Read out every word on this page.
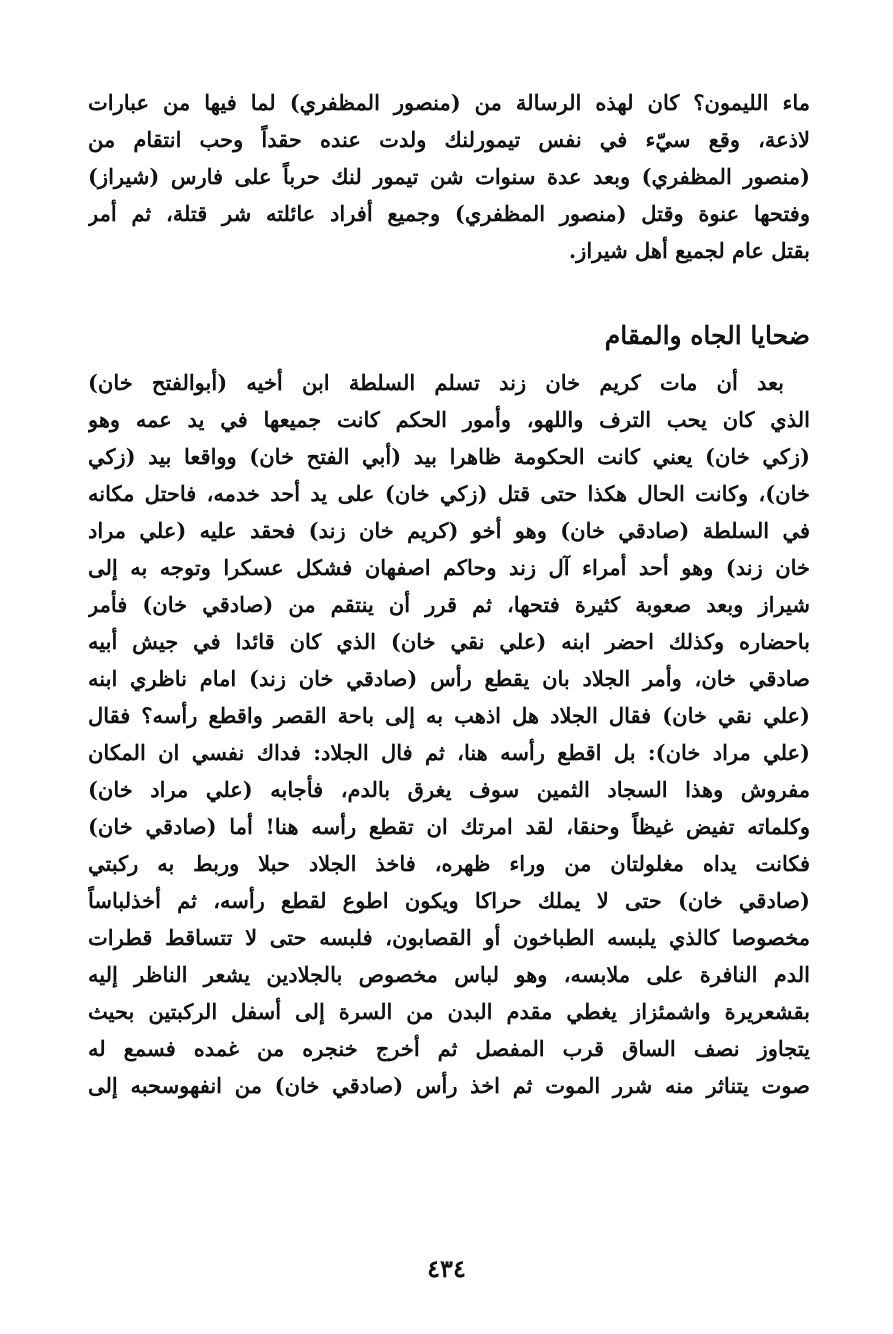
ماء الليمون؟ كان لهذه الرسالة من (منصور المظفري) لما فيها من عبارات
لاذعة، وقع سيّء في نفس تيمورلنك ولدت عنده حقداً وحب انتقام من
(منصور المظفري) وبعد عدة سنوات شن تيمور لنك حرباً على فارس (شيراز)
وفتحها عنوة وقتل (منصور المظفري) وجميع أفراد عائلته شر قتلة، ثم أمر
بقتل عام لجميع أهل شيراز.
ضحايا الجاه والمقام
بعد أن مات كريم خان زند تسلم السلطة ابن أخيه (أبوالفتح خان)
الذي كان يحب الترف واللهو، وأمور الحكم كانت جميعها في يد عمه وهو
(زكي خان) يعني كانت الحكومة ظاهرا بيد (أبي الفتح خان) وواقعا بيد (زكي
خان)، وكانت الحال هكذا حتى قتل (زكي خان) على يد أحد خدمه، فاحتل مكانه
في السلطة (صادقي خان) وهو أخو (كريم خان زند) فحقد عليه (علي مراد
خان زند) وهو أحد أمراء آل زند وحاكم اصفهان فشكل عسكرا وتوجه به إلى
شيراز وبعد صعوبة كثيرة فتحها، ثم قرر أن ينتقم من (صادقي خان) فأمر
باحضاره وكذلك احضر ابنه (علي نقي خان) الذي كان قائدا في جيش أبيه
صادقي خان، وأمر الجلاد بان يقطع رأس (صادقي خان زند) امام ناظري ابنه
(علي نقي خان) فقال الجلاد هل اذهب به إلى باحة القصر واقطع رأسه؟ فقال
(علي مراد خان): بل اقطع رأسه هنا، ثم فال الجلاد: فداك نفسي ان المكان
مفروش وهذا السجاد الثمين سوف يغرق بالدم، فأجابه (علي مراد خان)
وكلماته تفيض غيظاً وحنقا، لقد امرتك ان تقطع رأسه هنا! أما (صادقي خان)
فكانت يداه مغلولتان من وراء ظهره، فاخذ الجلاد حبلا وربط به ركبتي
(صادقي خان) حتى لا يملك حراكا ويكون اطوع لقطع رأسه، ثم أخذلباساً
مخصوصا كالذي يلبسه الطباخون أو القصابون، فلبسه حتى لا تتساقط قطرات
الدم النافرة على ملابسه، وهو لباس مخصوص بالجلادين يشعر الناظر إليه
بقشعريرة واشمئزاز يغطي مقدم البدن من السرة إلى أسفل الركبتين بحيث
يتجاوز نصف الساق قرب المفصل ثم أخرج خنجره من غمده فسمع له
صوت يتناثر منه شرر الموت ثم اخذ رأس (صادقي خان) من انفهوسحبه إلى
٤٣٤
